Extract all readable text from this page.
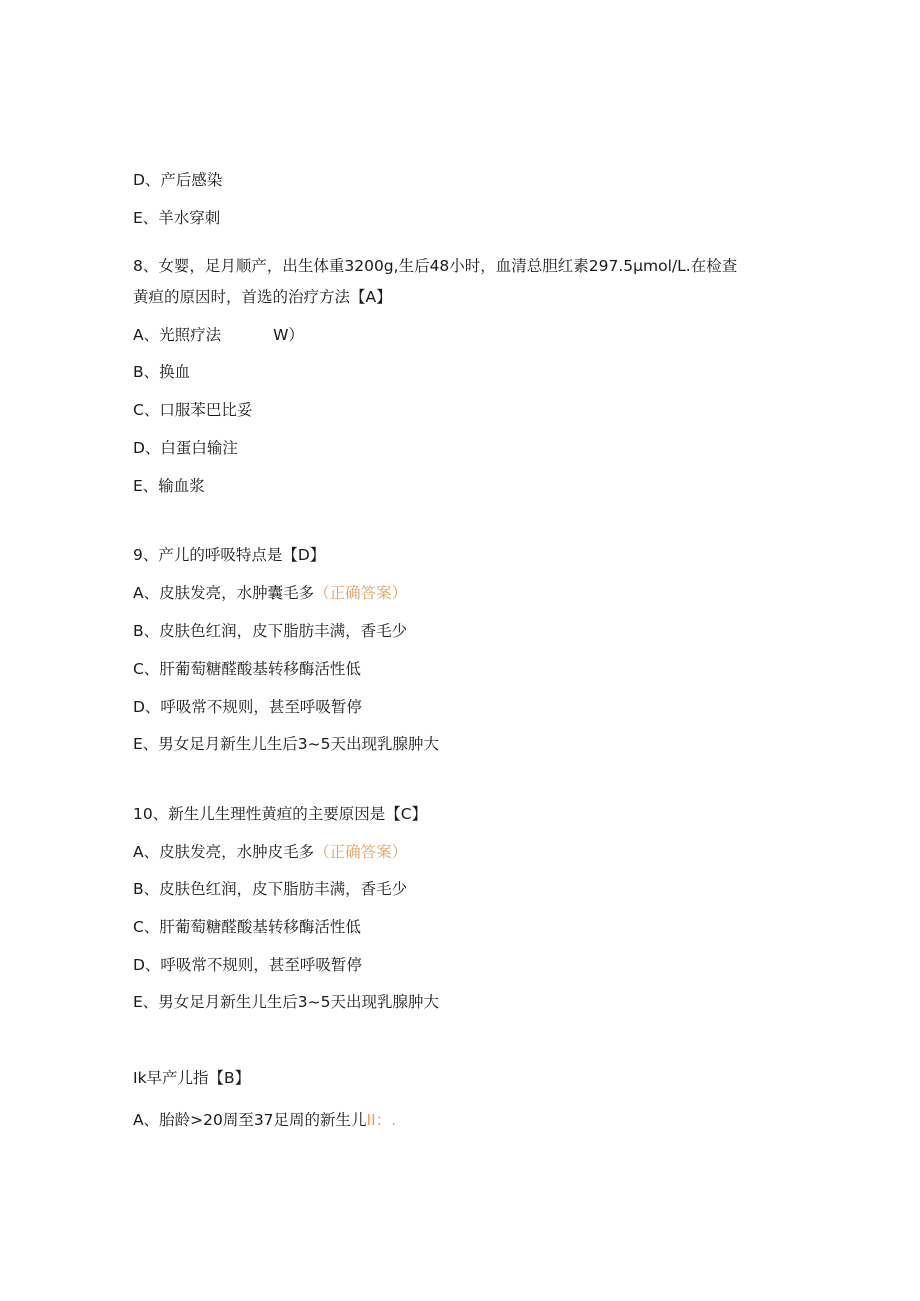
D、产后感染
E、羊水穿刺
8、女婴，足月顺产，出生体重3200g,生后48小时，血清总胆红素297.5μmol/L.在检查
黄疸的原因时，首选的治疗方法【A】
A、光照疗法	W）
B、换血
C、口服苯巴比妥
D、白蛋白输注
E、输血浆
9、产儿的呼吸特点是【D】
A、皮肤发亮，水肿囊毛多（正确答案）
B、皮肤色红润，皮下脂肪丰满，香毛少
C、肝葡萄糖醛酸基转移酶活性低
D、呼吸常不规则，甚至呼吸暂停
E、男女足月新生儿生后3~5天出现乳腺肿大
10、新生儿生理性黄疸的主要原因是【C】
A、皮肤发亮，水肿皮毛多（正确答案）
B、皮肤色红润，皮下脂肪丰满，香毛少
C、肝葡萄糖醛酸基转移酶活性低
D、呼吸常不规则，甚至呼吸暂停
E、男女足月新生儿生后3~5天出现乳腺肿大
Ik早产儿指【B】
A、胎龄>20周至37足周的新生儿II：.
